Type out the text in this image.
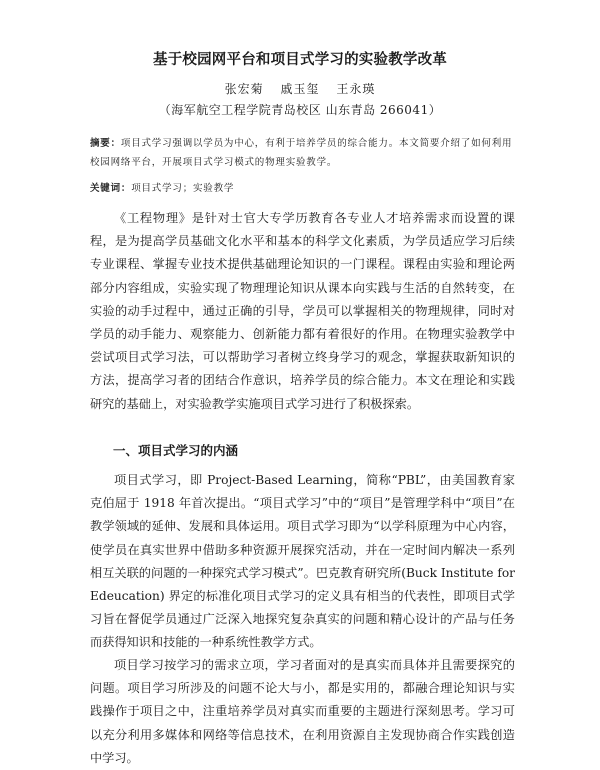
基于校园网平台和项目式学习的实验教学改革
张宏菊 戚玉玺 王永瑛
（海军航空工程学院青岛校区 山东青岛 266041）
摘要：项目式学习强调以学员为中心，有利于培养学员的综合能力。本文简要介绍了如何利用校园网络平台，开展项目式学习模式的物理实验教学。
关键词：项目式学习；实验教学

《工程物理》是针对士官大专学历教育各专业人才培养需求而设置的课程，是为提高学员基础文化水平和基本的科学文化素质，为学员适应学习后续专业课程、掌握专业技术提供基础理论知识的一门课程。课程由实验和理论两部分内容组成，实验实现了物理理论知识从课本向实践与生活的自然转变，在实验的动手过程中，通过正确的引导，学员可以掌握相关的物理规律，同时对学员的动手能力、观察能力、创新能力都有着很好的作用。在物理实验教学中尝试项目式学习法，可以帮助学习者树立终身学习的观念，掌握获取新知识的方法，提高学习者的团结合作意识，培养学员的综合能力。本文在理论和实践研究的基础上，对实验教学实施项目式学习进行了积极探索。

一、项目式学习的内涵

项目式学习，即 Project-Based Learning，简称“PBL”，由美国教育家克伯屈于 1918 年首次提出。“项目式学习”中的“项目”是管理学科中“项目”在教学领域的延伸、发展和具体运用。项目式学习即为“以学科原理为中心内容，使学员在真实世界中借助多种资源开展探究活动，并在一定时间内解决一系列相互关联的问题的一种探究式学习模式”。巴克教育研究所(Buck Institute for Edeucation) 界定的标准化项目式学习的定义具有相当的代表性，即项目式学习旨在督促学员通过广泛深入地探究复杂真实的问题和精心设计的产品与任务而获得知识和技能的一种系统性教学方式。

项目学习按学习的需求立项，学习者面对的是真实而具体并且需要探究的问题。项目学习所涉及的问题不论大与小，都是实用的，都融合理论知识与实践操作于项目之中，注重培养学员对真实而重要的主题进行深刻思考。学习可以充分利用多媒体和网络等信息技术，在利用资源自主发现协商合作实践创造中学习。
